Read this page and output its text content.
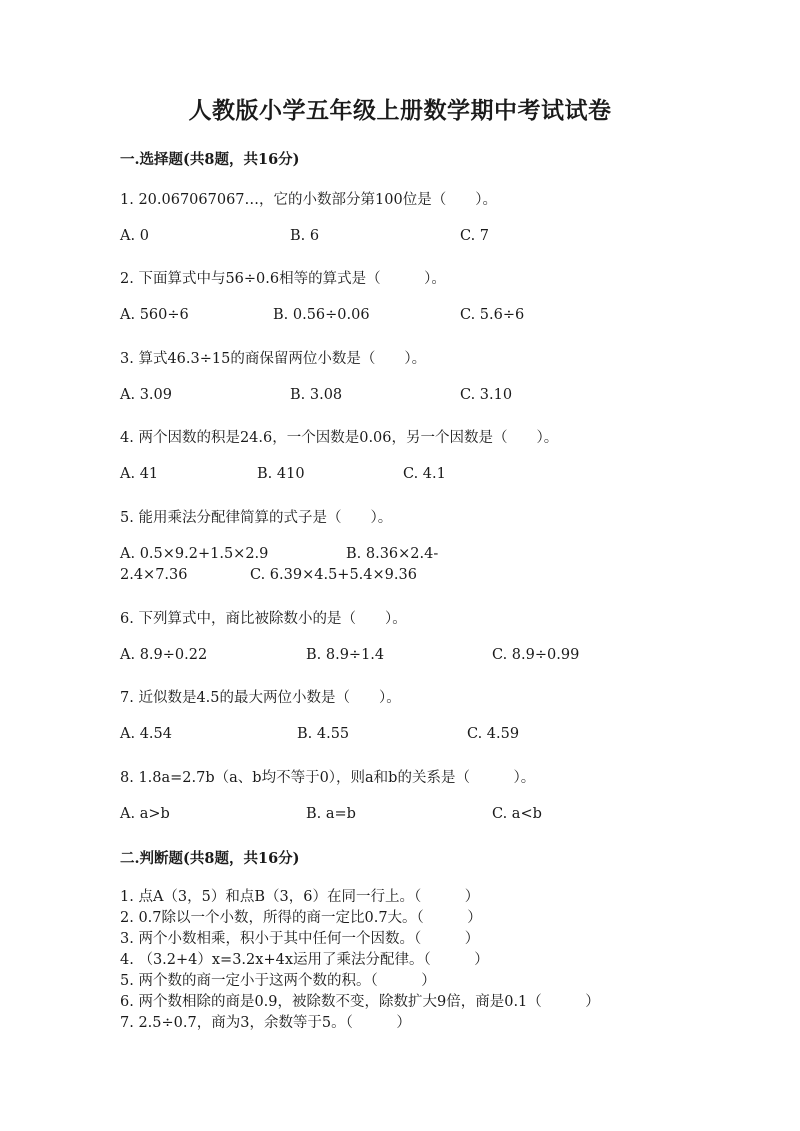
人教版小学五年级上册数学期中考试试卷
一.选择题(共8题，共16分)
1. 20.067067067…，它的小数部分第100位是（　　）。
A. 0	B. 6	C. 7
2. 下面算式中与56÷0.6相等的算式是（　　　）。
A. 560÷6	B. 0.56÷0.06	C. 5.6÷6
3. 算式46.3÷15的商保留两位小数是（　　）。
A. 3.09	B. 3.08	C. 3.10
4. 两个因数的积是24.6，一个因数是0.06，另一个因数是（　　）。
A. 41	B. 410	C. 4.1
5. 能用乘法分配律简算的式子是（　　）。
A. 0.5×9.2+1.5×2.9	B. 8.36×2.4-
2.4×7.36	C. 6.39×4.5+5.4×9.36
6. 下列算式中，商比被除数小的是（　　）。
A. 8.9÷0.22	B. 8.9÷1.4	C. 8.9÷0.99
7. 近似数是4.5的最大两位小数是（　　）。
A. 4.54	B. 4.55	C. 4.59
8. 1.8a=2.7b（a、b均不等于0），则a和b的关系是（　　　）。
A. a>b	B. a=b	C. a<b
二.判断题(共8题，共16分)
1. 点A（3，5）和点B（3，6）在同一行上。（　　　）
2. 0.7除以一个小数，所得的商一定比0.7大。（　　　）
3. 两个小数相乘，积小于其中任何一个因数。（　　　）
4. （3.2+4）x=3.2x+4x运用了乘法分配律。（　　　）
5. 两个数的商一定小于这两个数的积。（　　　）
6. 两个数相除的商是0.9，被除数不变，除数扩大9倍，商是0.1（　　　）
7. 2.5÷0.7，商为3，余数等于5。（　　　）
